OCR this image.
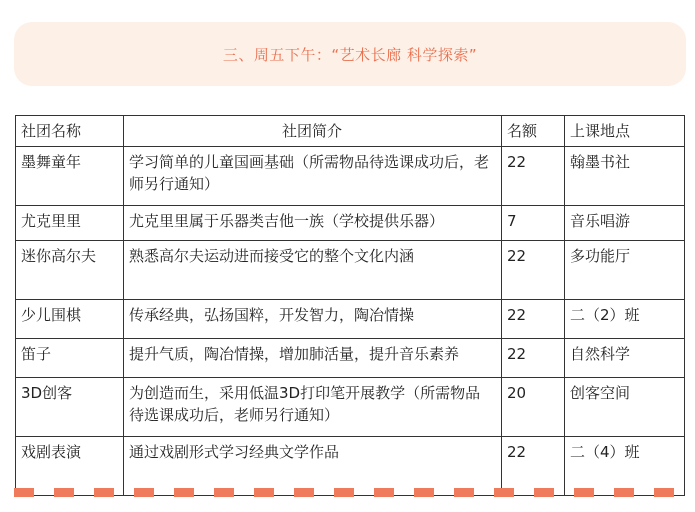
三、周五下午：“艺术长廊 科学探索”
社团名称	社团简介	名额	上课地点
墨舞童年	学习简单的儿童国画基础（所需物品待选课成功后，老师另行通知）	22	翰墨书社
尤克里里	尤克里里属于乐器类吉他一族（学校提供乐器）	7	音乐唱游
迷你高尔夫	熟悉高尔夫运动进而接受它的整个文化内涵	22	多功能厅
少儿围棋	传承经典，弘扬国粹，开发智力，陶冶情操	22	二（2）班
笛子	提升气质，陶冶情操，增加肺活量，提升音乐素养	22	自然科学
3D创客	为创造而生，采用低温3D打印笔开展教学（所需物品待选课成功后，老师另行通知）	20	创客空间
戏剧表演	通过戏剧形式学习经典文学作品	22	二（4）班
